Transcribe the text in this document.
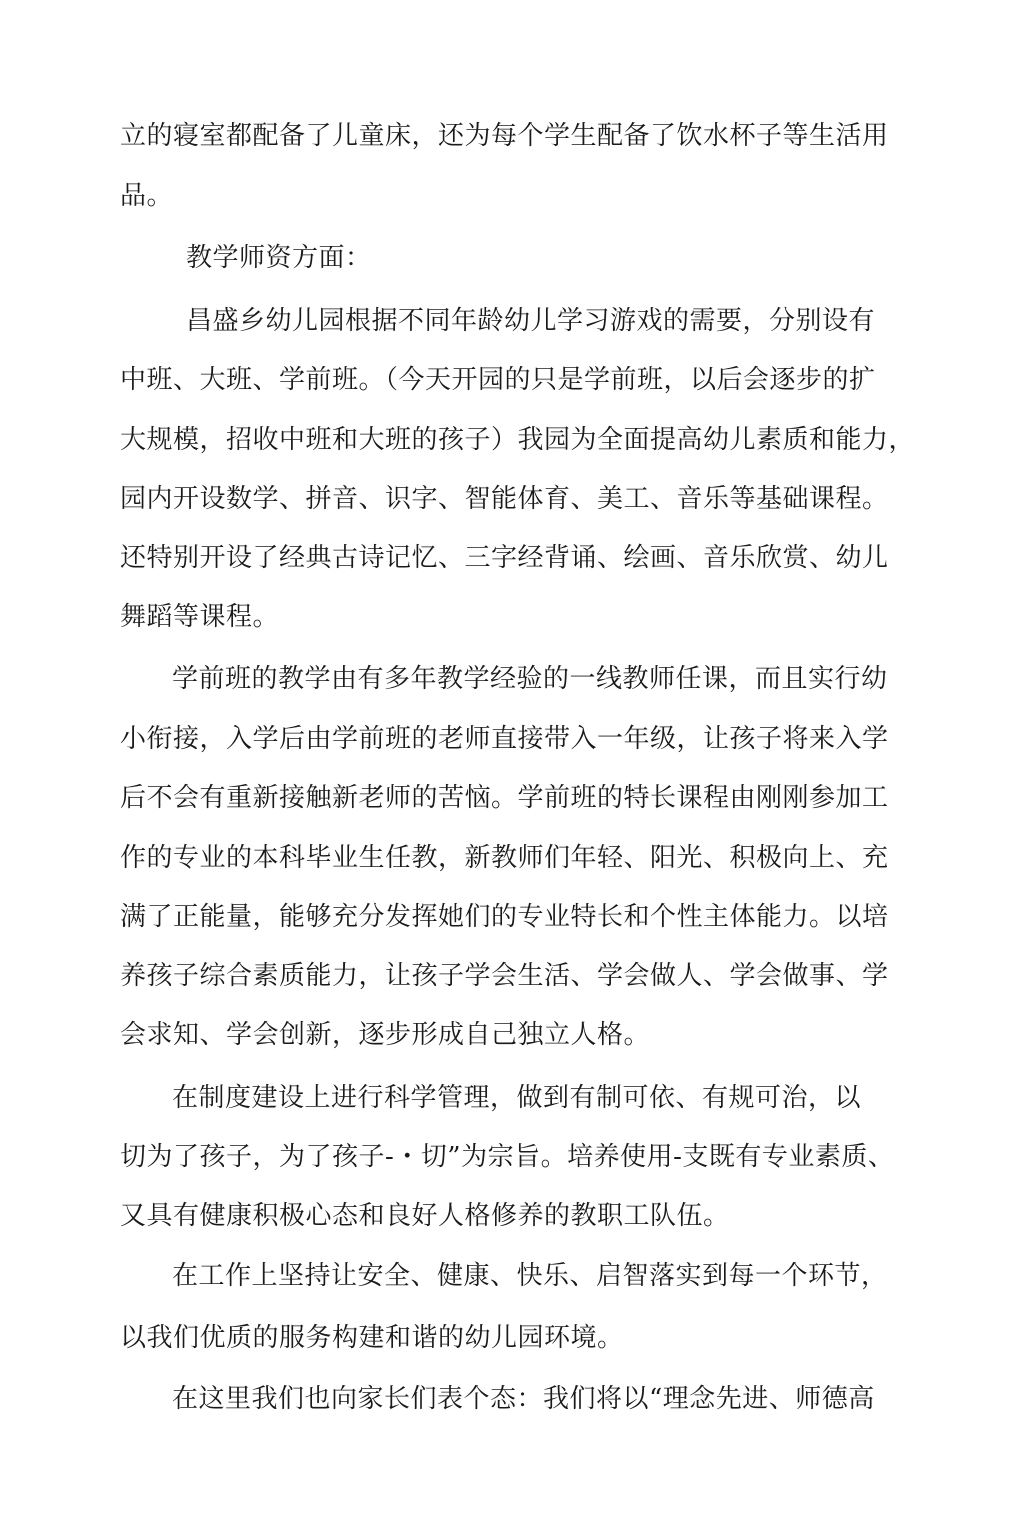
立的寝室都配备了儿童床，还为每个学生配备了饮水杯子等生活用
品。
教学师资方面：
昌盛乡幼儿园根据不同年龄幼儿学习游戏的需要，分别设有
中班、大班、学前班。（今天开园的只是学前班，以后会逐步的扩
大规模，招收中班和大班的孩子）我园为全面提高幼儿素质和能力，
园内开设数学、拼音、识字、智能体育、美工、音乐等基础课程。
还特别开设了经典古诗记忆、三字经背诵、绘画、音乐欣赏、幼儿
舞蹈等课程。
学前班的教学由有多年教学经验的一线教师任课，而且实行幼
小衔接，入学后由学前班的老师直接带入一年级，让孩子将来入学
后不会有重新接触新老师的苦恼。学前班的特长课程由刚刚参加工
作的专业的本科毕业生任教，新教师们年轻、阳光、积极向上、充
满了正能量，能够充分发挥她们的专业特长和个性主体能力。以培
养孩子综合素质能力，让孩子学会生活、学会做人、学会做事、学
会求知、学会创新，逐步形成自己独立人格。
在制度建设上进行科学管理，做到有制可依、有规可治，以
切为了孩子，为了孩子-・切”为宗旨。培养使用-支既有专业素质、
又具有健康积极心态和良好人格修养的教职工队伍。
在工作上坚持让安全、健康、快乐、启智落实到每一个环节，
以我们优质的服务构建和谐的幼儿园环境。
在这里我们也向家长们表个态：我们将以“理念先进、师德高
